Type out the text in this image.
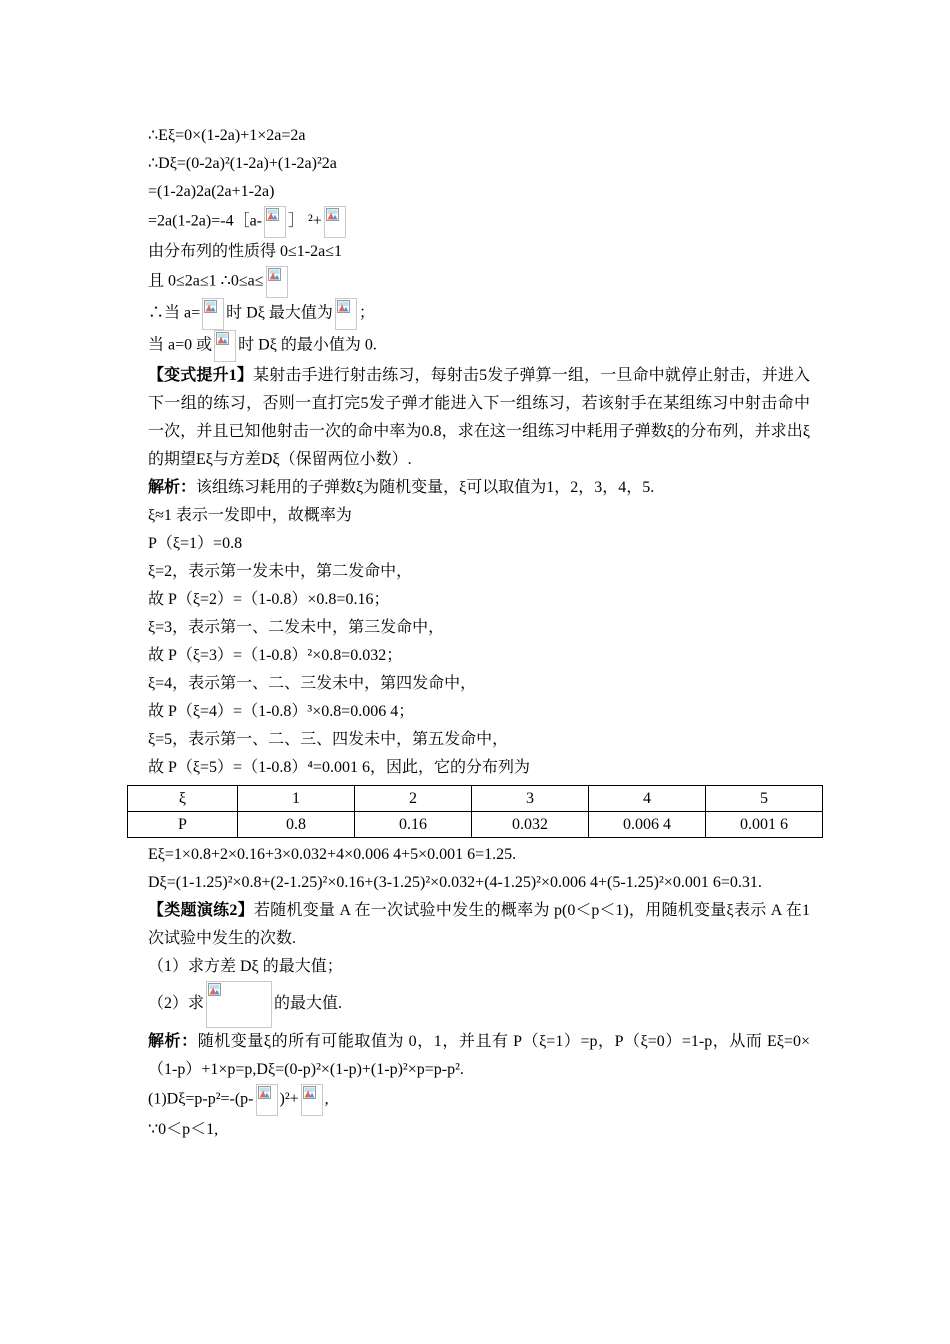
∴Eξ=0×(1-2a)+1×2a=2a

∴Dξ=(0-2a)²(1-2a)+(1-2a)²2a

=(1-2a)2a(2a+1-2a)

=2a(1-2a)=-4［a- ］ ²+

由分布列的性质得 0≤1-2a≤1

且 0≤2a≤1 ∴0≤a≤

∴当 a= 时 Dξ 最大值为 ；

当 a=0 或 时 Dξ 的最小值为 0.

【变式提升1】某射击手进行射击练习，每射击5发子弹算一组，一旦命中就停止射击，并进入下一组的练习，否则一直打完5发子弹才能进入下一组练习，若该射手在某组练习中射击命中一次，并且已知他射击一次的命中率为0.8，求在这一组练习中耗用子弹数ξ的分布列，并求出ξ的期望Eξ与方差Dξ（保留两位小数）.

解析：该组练习耗用的子弹数ξ为随机变量，ξ可以取值为1，2，3，4，5.

ξ≈1 表示一发即中，故概率为

P（ξ=1）=0.8

ξ=2，表示第一发未中，第二发命中，

故 P（ξ=2）=（1-0.8）×0.8=0.16；

ξ=3，表示第一、二发未中，第三发命中，

故 P（ξ=3）=（1-0.8）²×0.8=0.032；

ξ=4，表示第一、二、三发未中，第四发命中，

故 P（ξ=4）=（1-0.8）³×0.8=0.006 4；

ξ=5，表示第一、二、三、四发未中，第五发命中，

故 P（ξ=5）=（1-0.8）⁴=0.001 6，因此，它的分布列为

ξ	1	2	3	4	5
P	0.8	0.16	0.032	0.006 4	0.001 6

Eξ=1×0.8+2×0.16+3×0.032+4×0.006 4+5×0.001 6=1.25.

Dξ=(1-1.25)²×0.8+(2-1.25)²×0.16+(3-1.25)²×0.032+(4-1.25)²×0.006 4+(5-1.25)²×0.001 6=0.31.

【类题演练2】若随机变量 A 在一次试验中发生的概率为 p(0＜p＜1)，用随机变量ξ表示 A 在1次试验中发生的次数.

（1）求方差 Dξ 的最大值；

（2）求	的最大值.

解析：随机变量ξ的所有可能取值为 0，1，并且有 P（ξ=1）=p，P（ξ=0）=1-p，从而 Eξ=0×（1-p）+1×p=p,Dξ=(0-p)²×(1-p)+(1-p)²×p=p-p².

(1)Dξ=p-p²=-(p- )²+ ,

∵0＜p＜1,
